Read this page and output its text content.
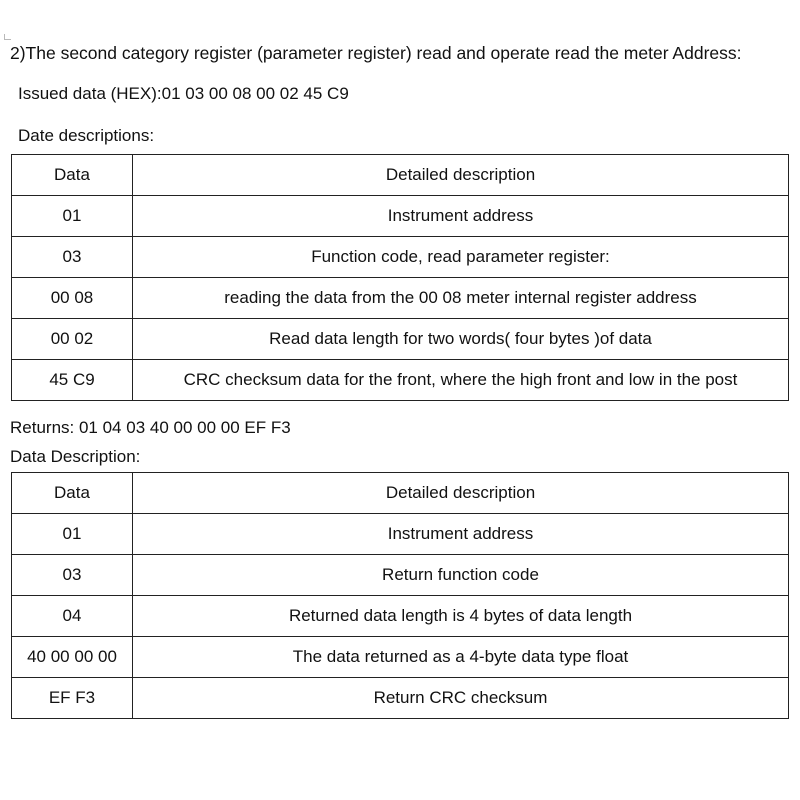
2)The second category register (parameter register) read and operate read the meter Address:
Issued data (HEX):01 03 00 08 00 02 45 C9
Date descriptions:
Data	Detailed description
01	Instrument address
03	Function code, read parameter register:
00 08	reading the data from the 00 08 meter internal register address
00 02	Read data length for two words( four bytes )of data
45 C9	CRC checksum data for the front, where the high front and low in the post
Returns: 01 04 03 40 00 00 00 EF F3
Data Description:
Data	Detailed description
01	Instrument address
03	Return function code
04	Returned data length is 4 bytes of data length
40 00 00 00	The data returned as a 4-byte data type float
EF F3	Return CRC checksum
